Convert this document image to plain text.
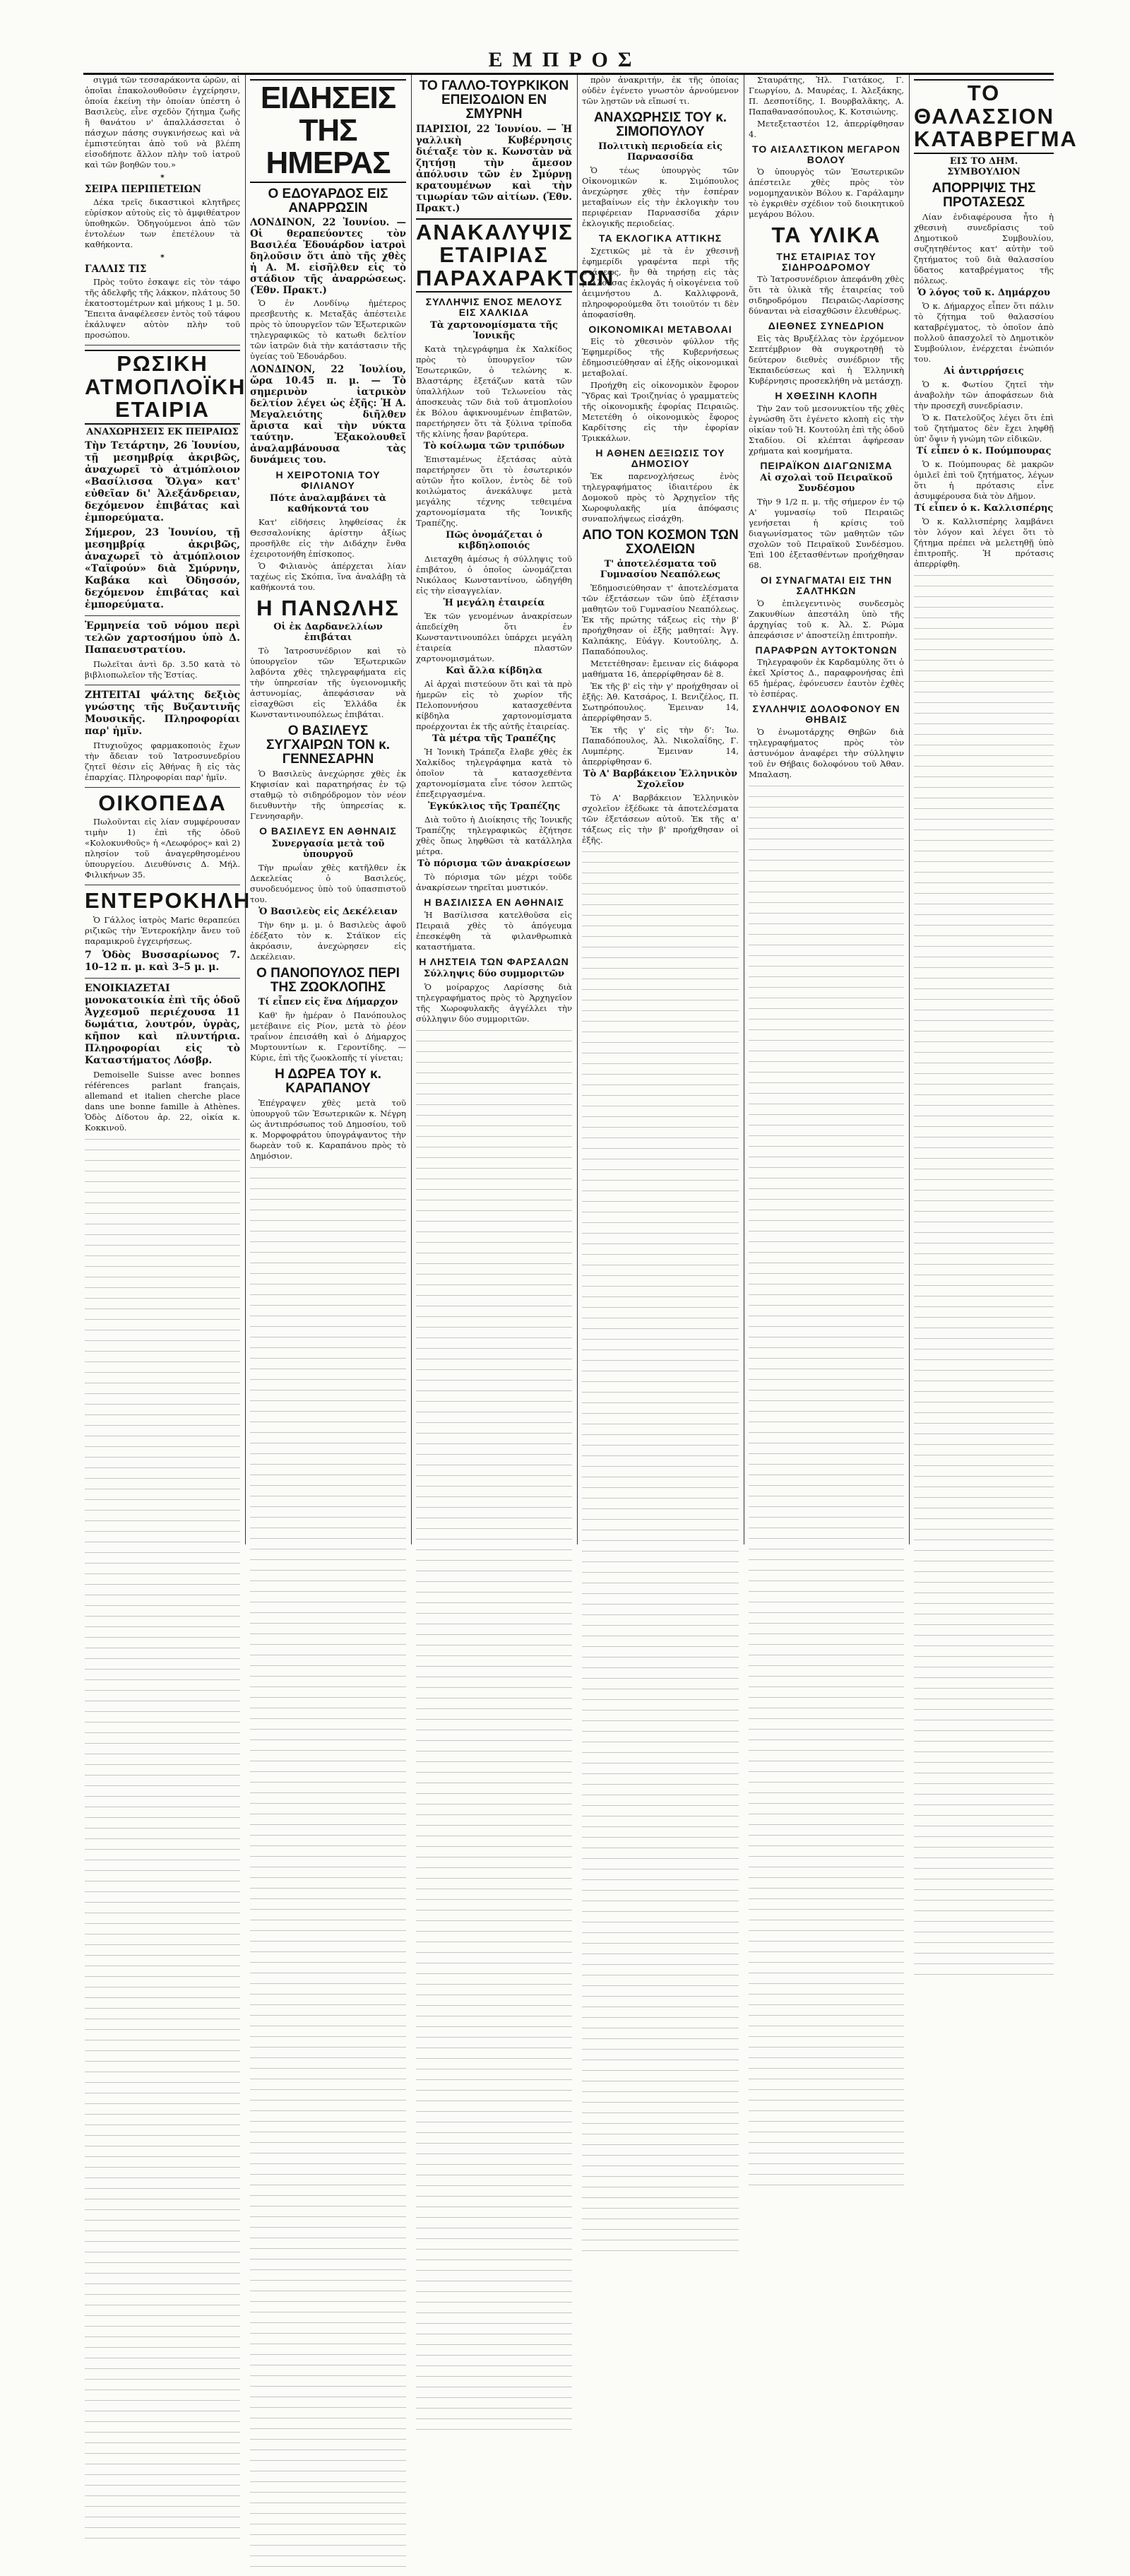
ΕΜΠΡΟΣ
σιγμά τῶν τεσσαράκοντα ὡρῶν, αἱ ὁποῖαι ἐπακολουθοῦσιν ἐγχείρησιν, ὁποία ἐκείνη τὴν ὁποίαν ὑπέστη ὁ Βασιλεὺς, εἶνε σχεδὸν ζήτημα ζωῆς ἢ θανάτου ν' ἀπαλλάσσεται ὁ πάσχων πάσης συγκινήσεως καὶ νὰ ἐμπιστεύηται ἀπὸ τοῦ νὰ βλέπη εἰσοδήποτε ἄλλον πλὴν τοῦ ἰατροῦ καὶ τῶν βοηθῶν του.»
✶
ΣΕΙΡΑ ΠΕΡΙΠΕΤΕΙΩΝ
Δέκα τρεῖς δικαστικοὶ κλητῆρες εὑρίσκον αὐτοὺς εἰς τὸ ἀμφιθέατρον ὑποθηκῶν. Ὁδηγούμενοι ἀπὸ τῶν ἐντολέων των ἐπετέλουν τὰ καθήκοντα.
✶
ΓΑΛΛΙΣ ΤΙΣ
Πρὸς τοῦτο ἐσκαψε εἰς τὸν τάφο τῆς ἀδελφῆς τῆς λάκκον, πλάτους 50 ἑκατοστομέτρων καὶ μήκους 1 μ. 50. Ἔπειτα ἀναφέλεσεν ἐντὸς τοῦ τάφου ἐκάλυψεν αὐτὸν πλὴν τοῦ προσώπου.
ΡΩΣΙΚΗ ΑΤΜΟΠΛΟΪΚΗ ΕΤΑΙΡΙΑ
ΑΝΑΧΩΡΗΣΕΙΣ ΕΚ ΠΕΙΡΑΙΩΣ
Τὴν Τετάρτην, 26 Ἰουνίου, τῇ μεσημβρίᾳ ἀκριβῶς, ἀναχωρεῖ τὸ ἀτμόπλοιον «Βασίλισσα Ὄλγα» κατ' εὐθεῖαν δι' Ἀλεξάνδρειαν, δεχόμενον ἐπιβάτας καὶ ἐμπορεύματα.
Σήμερον, 23 Ἰουνίου, τῇ μεσημβρίᾳ ἀκριβῶς, ἀναχωρεῖ τὸ ἀτμόπλοιον «Ταϊφούν» διὰ Σμύρνην, Καβάκα καὶ Ὀδησσόν, δεχόμενον ἐπιβάτας καὶ ἐμπορεύματα.
Ἑρμηνεία τοῦ νόμου περὶ τελῶν χαρτοσήμου ὑπὸ Δ. Παπαευστρατίου.
Πωλεῖται ἀντὶ δρ. 3.50 κατὰ τὸ βιβλιοπωλεῖον τῆς Ἑστίας.
ΖΗΤΕΙΤΑΙ ψάλτης δεξιὸς γνώστης τῆς Βυζαντινῆς Μουσικῆς. Πληροφορίαι παρ' ἡμῖν.
Πτυχιοῦχος φαρμακοποιὸς ἔχων τὴν ἄδειαν τοῦ Ἰατροσυνεδρίου ζητεῖ θέσιν εἰς Ἀθήνας ἢ εἰς τὰς ἐπαρχίας. Πληροφορίαι παρ' ἡμῖν.
ΟΙΚΟΠΕΔΑ
Πωλοῦνται εἰς λίαν συμφέρουσαν τιμὴν 1) ἐπὶ τῆς ὁδοῦ «Κολοκυνθοῦς» ἡ «Λεωφόρος» καὶ 2) πλησίον τοῦ ἀναγερθησομένου ὑπουργείου. Διευθύνσις Δ. Μήλ. Φιλικήνων 35.
ΕΝΤΕΡΟΚΗΛΗ
Ὁ Γάλλος ἰατρὸς Maric θεραπεύει ριζικῶς τὴν Ἐντεροκήλην ἄνευ τοῦ παραμικροῦ ἐγχειρήσεως.
7 Ὁδὸς Βυσσαρίωνος 7. 10–12 π. μ. καὶ 3–5 μ. μ.
ΕΝΟΙΚΙΑΖΕΤΑΙ μονοκατοικία ἐπὶ τῆς ὁδοῦ Ἀγχεσμοῦ περιέχουσα 11 δωμάτια, λουτρόν, ὑγρὰς, κῆπον καὶ πλυντήρια. Πληροφορίαι εἰς τὸ Καταστήματος Λόσβρ.
Demoiselle Suisse avec bonnes références parlant français, allemand et italien cherche place dans une bonne famille à Athènes. Ὁδὸς Δίδοτου ἀρ. 22, οἰκία κ. Κοκκινοῦ.
ΕΙΔΗΣΕΙΣ ΤΗΣ ΗΜΕΡΑΣ
Ο ΕΔΟΥΑΡΔΟΣ ΕΙΣ ΑΝΑΡΡΩΣΙΝ
ΛΟΝΔΙΝΟΝ, 22 Ἰουνίου. — Οἱ θεραπεύοντες τὸν Βασιλέα Ἐδουάρδον ἰατροὶ δηλοῦσιν ὅτι ἀπὸ τῆς χθὲς ἡ Α. Μ. εἰσῆλθεν εἰς τὸ στάδιον τῆς ἀναρρώσεως. (Ἐθν. Πρακτ.)
Ὁ ἐν Λονδίνῳ ἡμέτερος πρεσβευτὴς κ. Μεταξᾶς ἀπέστειλε πρὸς τὸ ὑπουργεῖον τῶν Ἐξωτερικῶν τηλεγραφικῶς τὸ κατωθι δελτίον τῶν ἰατρῶν διὰ τὴν κατάστασιν τῆς ὑγείας τοῦ Ἐδουάρδου.
ΛΟΝΔΙΝΟΝ, 22 Ἰουλίου, ὥρα 10.45 π. μ. — Τὸ σημερινὸν ἰατρικὸν δελτίον λέγει ὡς ἑξῆς: Ἡ Α. Μεγαλειότης διῆλθεν ἄριστα καὶ τὴν νύκτα ταύτην. Ἐξακολουθεῖ ἀναλαμβάνουσα τὰς δυνάμεις του.
Η ΧΕΙΡΟΤΟΝΙΑ ΤΟΥ ΦΙΛΙΑΝΟΥ
Πότε ἀναλαμβάνει τὰ καθήκοντά του
Κατ' εἰδήσεις ληφθείσας ἐκ Θεσσαλονίκης ἀρίστην ἀξίως προσῆλθε εἰς τὴν Διδάχην ἔνθα ἐχειροτονήθη ἐπίσκοπος.
Ὁ Φιλιανὸς ἀπέρχεται λίαν ταχέως εἰς Σκόπια, ἵνα ἀναλάβῃ τὰ καθήκοντά του.
Η ΠΑΝΩΛΗΣ
Οἱ ἐκ Δαρδανελλίων ἐπιβάται
Τὸ Ἰατροσυνέδριον καὶ τὸ ὑπουργεῖον τῶν Ἐξωτερικῶν λαβόντα χθὲς τηλεγραφήματα εἰς τὴν ὑπηρεσίαν τῆς ὑγειονομικῆς ἀστυνομίας, ἀπεφάσισαν νὰ εἰσαχθῶσι εἰς Ἑλλάδα ἐκ Κωνσταντινουπόλεως ἐπιβάται.
Ο ΒΑΣΙΛΕΥΣ ΣΥΓΧΑΙΡΩΝ ΤΟΝ κ. ΓΕΝΝΕΣΑΡΗΝ
Ὁ Βασιλεὺς ἀνεχώρησε χθὲς ἐκ Κηφισίαν καὶ παρατηρήσας ἐν τῷ σταθμῷ τὸ σιδηρόδρομον τὸν νέον διευθυντὴν τῆς ὑπηρεσίας κ. Γεννησαρῆν.
Ο ΒΑΣΙΛΕΥΣ ΕΝ ΑΘΗΝΑΙΣ
Συνεργασία μετὰ τοῦ ὑπουργοῦ
Τὴν πρωΐαν χθὲς κατῆλθεν ἐκ Δεκελείας ὁ Βασιλεύς, συνοδευόμενος ὑπὸ τοῦ ὑπασπιστοῦ του.
Ὁ Βασιλεὺς εἰς Δεκέλειαν
Τὴν 6ην μ. μ. ὁ Βασιλεὺς ἀφοῦ ἐδέξατο τὸν κ. Στάϊκον εἰς ἀκρόασιν, ἀνεχώρησεν εἰς Δεκέλειαν.
Ο ΠΑΝΟΠΟΥΛΟΣ ΠΕΡΙ ΤΗΣ ΖΩΟΚΛΟΠΗΣ
Τί εἶπεν εἰς ἕνα Δήμαρχον
Καθ' ἣν ἡμέραν ὁ Πανόπουλος μετέβαινε εἰς Ρίον, μετὰ τὸ ῥέον τραΐνον ἐπεισάθη καὶ ὁ Δήμαρχος Μυρτουντίων κ. Γεροντίδης. — Κύριε, ἐπὶ τῆς ζωοκλοπῆς τί γίνεται;
Η ΔΩΡΕΑ ΤΟΥ κ. ΚΑΡΑΠΑΝΟΥ
Ἐπέγραψεν χθὲς μετὰ τοῦ ὑπουργοῦ τῶν Ἐσωτερικῶν κ. Νέγρη ὡς ἀντιπρόσωπος τοῦ Δημοσίου, τοῦ κ. Μορφοφράτου ὑπογράψαντος τὴν δωρεὰν τοῦ κ. Καραπάνου πρὸς τὸ Δημόσιον.
ΤΟ ΓΑΛΛΟ-ΤΟΥΡΚΙΚΟΝ ΕΠΕΙΣΟΔΙΟΝ ΕΝ ΣΜΥΡΝΗ
ΠΑΡΙΣΙΟΙ, 22 Ἰουνίου. — Ἡ γαλλικὴ Κυβέρνησις διέταξε τὸν κ. Κωνστὰν νὰ ζητήσῃ τὴν ἄμεσον ἀπόλυσιν τῶν ἐν Σμύρνῃ κρατουμένων καὶ τὴν τιμωρίαν τῶν αἰτίων. (Ἐθν. Πρακτ.)
ΑΝΑΚΑΛΥΨΙΣ ΕΤΑΙΡΙΑΣ ΠΑΡΑΧΑΡΑΚΤΩΝ
ΣΥΛΛΗΨΙΣ ΕΝΟΣ ΜΕΛΟΥΣ ΕΙΣ ΧΑΛΚΙΔΑ
Τὰ χαρτονομίσματα τῆς Ἰονικῆς
Κατὰ τηλεγράφημα ἐκ Χαλκίδος πρὸς τὸ ὑπουργεῖον τῶν Ἐσωτερικῶν, ὁ τελώνης κ. Βλαστάρης ἐξετάζων κατὰ τῶν ὑπαλλήλων τοῦ Τελωνείου τὰς ἀποσκευὰς τῶν διὰ τοῦ ἀτμοπλοίου ἐκ Βόλου ἀφικνουμένων ἐπιβατῶν, παρετήρησεν ὅτι τὰ ξύλινα τρίποδα τῆς κλίνης ἦσαν βαρύτερα.
Τὸ κοίλωμα τῶν τριπόδων
Ἐπισταμένως ἐξετάσας αὐτὰ παρετήρησεν ὅτι τὸ ἐσωτερικόν αὐτῶν ἦτο κοῖλον, ἐντὸς δὲ τοῦ κοιλώματος ἀνεκάλυψε μετὰ μεγάλης τέχνης τεθειμένα χαρτονομίσματα τῆς Ἰονικῆς Τραπέζης.
Πῶς ὀνομάζεται ὁ κιβδηλοποιός
Διεταχθη ἀμέσως ἡ σύλληψις τοῦ ἐπιβάτου, ὁ ὁποῖος ὠνομάζεται Νικόλαος Κωνσταντίνου, ὡδηγήθη εἰς τὴν εἰσαγγελίαν.
Ἡ μεγάλη ἑταιρεία
Ἐκ τῶν γενομένων ἀνακρίσεων ἀπεδείχθη ὅτι ἐν Κωνσταντινουπόλει ὑπάρχει μεγάλη ἑταιρεία πλαστῶν χαρτονομισμάτων.
Καὶ ἄλλα κίβδηλα
Αἱ ἀρχαὶ πιστεύουν ὅτι καὶ τὰ πρὸ ἡμερῶν εἰς τὸ χωρίον τῆς Πελοποννήσου κατασχεθέντα κίβδηλα χαρτονομίσματα προέρχονται ἐκ τῆς αὐτῆς ἑταιρείας.
Τὰ μέτρα τῆς Τραπέζης
Ἡ Ἰονικὴ Τράπεζα ἔλαβε χθὲς ἐκ Χαλκίδος τηλεγράφημα κατὰ τὸ ὁποῖον τὰ κατασχεθέντα χαρτονομίσματα εἶνε τόσον λεπτῶς ἐπεξειργασμένα.
Ἐγκύκλιος τῆς Τραπέζης
Διὰ τοῦτο ἡ Διοίκησις τῆς Ἰονικῆς Τραπέζης τηλεγραφικῶς ἐζήτησε χθὲς ὅπως ληφθῶσι τὰ κατάλληλα μέτρα.
Τὸ πόρισμα τῶν ἀνακρίσεων
Τὸ πόρισμα τῶν μέχρι τοῦδε ἀνακρίσεων τηρεῖται μυστικόν.
Η ΒΑΣΙΛΙΣΣΑ ΕΝ ΑΘΗΝΑΙΣ
Ἡ Βασίλισσα κατελθοῦσα εἰς Πειραιᾶ χθὲς τὸ ἀπόγευμα ἐπεσκέφθη τὰ φιλανθρωπικὰ καταστήματα.
Η ΛΗΣΤΕΙΑ ΤΩΝ ΦΑΡΣΑΛΩΝ
Σύλληψις δύο συμμοριτῶν
Ὁ μοίραρχος Λαρίσσης διὰ τηλεγραφήματος πρὸς τὸ Ἀρχηγεῖον τῆς Χωροφυλακῆς ἀγγέλλει τὴν σύλληψιν δύο συμμοριτῶν.
πρὸν ἀνακριτήν, ἐκ τῆς ὁποίας οὐδὲν ἐγένετο γνωστὸν ἀρνούμενον τῶν λῃστῶν νὰ εἴπωσί τι.
ΑΝΑΧΩΡΗΣΙΣ ΤΟΥ κ. ΣΙΜΟΠΟΥΛΟΥ
Πολιτικὴ περιοδεία εἰς Παρνασσίδα
Ὁ τέως ὑπουργὸς τῶν Οἰκονομικῶν κ. Σιμόπουλος ἀνεχώρησε χθὲς τὴν ἑσπέραν μεταβαίνων εἰς τὴν ἐκλογικὴν του περιφέρειαν Παρνασσίδα χάριν ἐκλογικῆς περιοδείας.
ΤΑ ΕΚΛΟΓΙΚΑ ΑΤΤΙΚΗΣ
Σχετικῶς μὲ τὰ ἐν χθεσινῇ ἐφημερίδι γραφέντα περὶ τῆς στάσεως, ἣν θὰ τηρήσῃ εἰς τὰς μελλούσας ἐκλογάς ἡ οἰκογένεια τοῦ ἀειμνήστου Δ. Καλλιφρονᾶ, πληροφορούμεθα ὅτι τοιοῦτόν τι δὲν ἀποφασίσθη.
ΟΙΚΟΝΟΜΙΚΑΙ ΜΕΤΑΒΟΛΑΙ
Εἰς τὸ χθεσινὸν φύλλον τῆς Ἐφημερίδος τῆς Κυβερνήσεως ἐδημοσιεύθησαν αἱ ἑξῆς οἰκονομικαὶ μεταβολαί.
Προήχθη εἰς οἰκονομικὸν ἔφορον Ὕδρας καὶ Τροιζηνίας ὁ γραμματεὺς τῆς οἰκονομικῆς ἐφορίας Πειραιῶς. Μετετέθη ὁ οἰκονομικὸς ἔφορος Καρδίτσης εἰς τὴν ἐφορίαν Τρικκάλων.
Η ΑΘΗΕΝ ΔΕΞΙΩΣΙΣ ΤΟΥ ΔΗΜΟΣΙΟΥ
Ἐκ παρενοχλήσεως ἑνὸς τηλεγραφήματος ἰδιαιτέρου ἐκ Δομοκοῦ πρὸς τὸ Ἀρχηγεῖον τῆς Χωροφυλακῆς μία ἀπόφασις συναπολήψεως εἰσάχθη.
ΑΠΟ ΤΟΝ ΚΟΣΜΟΝ ΤΩΝ ΣΧΟΛΕΙΩΝ
Τ' ἀποτελέσματα τοῦ Γυμνασίου Νεαπόλεως
Ἐδημοσιεύθησαν τ' ἀποτελέσματα τῶν ἐξετάσεων τῶν ὑπὸ ἐξέτασιν μαθητῶν τοῦ Γυμνασίου Νεαπόλεως. Ἐκ τῆς πρώτης τάξεως εἰς τὴν β' προήχθησαν οἱ ἑξῆς μαθηταί: Ἀγγ. Καλπάκης, Εὐάγγ. Κουτούλης, Δ. Παπαδόπουλος.
Μετετέθησαν: ἔμειναν εἰς διάφορα μαθήματα 16, ἀπερρίφθησαν δὲ 8.
Ἐκ τῆς β' εἰς τὴν γ' προήχθησαν οἱ ἑξῆς: Ἀθ. Κατσάρος, Ι. Βενιζέλος, Π. Σωτηρόπουλος. Ἐμειναν 14, ἀπερρίφθησαν 5.
Ἐκ τῆς γ' εἰς τὴν δ': Ἰω. Παπαδόπουλος, Ἀλ. Νικολαΐδης, Γ. Λυμπέρης. Ἐμειναν 14, ἀπερρίφθησαν 6.
Τὸ Α' Βαρβάκειον Ἑλληνικὸν Σχολεῖον
Τὸ Α' Βαρβάκειον Ἑλληνικὸν σχολεῖον ἐξέδωκε τὰ ἀποτελέσματα τῶν ἐξετάσεων αὐτοῦ. Ἐκ τῆς α' τάξεως εἰς τὴν β' προήχθησαν οἱ ἑξῆς.
Σταυράτης, Ἠλ. Γιατάκος, Γ. Γεωργίου, Δ. Μαυρέας, Ι. Ἀλεξάκης, Π. Δεσποτίδης, Ι. Βουρβαλᾶκης, Α. Παπαθανασόπουλος, Κ. Κοτσιώνης.
Μετεξεταστέοι 12, ἀπερρίφθησαν 4.
ΤΟ ΑΙΣΑΛΣΤΙΚΟΝ ΜΕΓΑΡΟΝ ΒΟΛΟΥ
Ὁ ὑπουργὸς τῶν Ἐσωτερικῶν ἀπέστειλε χθὲς πρὸς τὸν νομομηχανικὸν Βόλου κ. Γαράλαμην τὸ ἐγκριθὲν σχέδιον τοῦ διοικητικοῦ μεγάρου Βόλου.
ΤΑ ΥΛΙΚΑ
ΤΗΣ ΕΤΑΙΡΙΑΣ ΤΟΥ ΣΙΔΗΡΟΔΡΟΜΟΥ
Τὸ Ἰατροσυνέδριον ἀπεφάνθη χθὲς ὅτι τὰ ὑλικὰ τῆς ἑταιρείας τοῦ σιδηροδρόμου Πειραιῶς-Λαρίσσης δύνανται νὰ εἰσαχθῶσιν ἐλευθέρως.
ΔΙΕΘΝΕΣ ΣΥΝΕΔΡΙΟΝ
Εἰς τὰς Βρυξέλλας τὸν ἐρχόμενον Σεπτέμβριον θὰ συγκροτηθῇ τὸ δεύτερον διεθνὲς συνέδριον τῆς Ἐκπαιδεύσεως καὶ ἡ Ἑλληνικὴ Κυβέρνησις προσεκλήθη νὰ μετάσχῃ.
Η ΧΘΕΣΙΝΗ ΚΛΟΠΗ
Τὴν 2αν τοῦ μεσονυκτίου τῆς χθὲς ἐγνώσθη ὅτι ἐγένετο κλοπὴ εἰς τὴν οἰκίαν τοῦ Ἡ. Κουτούλη ἐπὶ τῆς ὁδοῦ Σταδίου. Οἱ κλέπται ἀφήρεσαν χρήματα καὶ κοσμήματα.
ΠΕΙΡΑΪΚΟΝ ΔΙΑΓΩΝΙΣΜΑ
Αἱ σχολαὶ τοῦ Πειραϊκοῦ Συνδέσμου
Τὴν 9 1/2 π. μ. τῆς σήμερον ἐν τῷ Α' γυμνασίῳ τοῦ Πειραιῶς γενήσεται ἡ κρίσις τοῦ διαγωνίσματος τῶν μαθητῶν τῶν σχολῶν τοῦ Πειραϊκοῦ Συνδέσμου. Ἐπὶ 100 ἐξετασθέντων προήχθησαν 68.
ΟΙ ΣΥΝΑΓΜΑΤΑΙ ΕΙΣ ΤΗΝ ΣΑΛΤΗΚΩΝ
Ὁ ἐπιλεγεντινὸς συνδεσμὸς Ζακυνθίων ἀπεστάλη ὑπὸ τῆς ἀρχηγίας τοῦ κ. Ἀλ. Σ. Ρώμα ἀπεφάσισε ν' ἀποστείλῃ ἐπιτροπὴν.
ΠΑΡΑΦΡΩΝ ΑΥΤΟΚΤΟΝΩΝ
Τηλεγραφοῦν ἐκ Καρδαμύλης ὅτι ὁ ἐκεῖ Χρίστος Δ., παραφρονήσας ἐπὶ 65 ἡμέρας, ἐφόνευσεν ἑαυτὸν ἐχθὲς τὸ ἑσπέρας.
ΣΥΛΛΗΨΙΣ ΔΟΛΟΦΟΝΟΥ ΕΝ ΘΗΒΑΙΣ
Ὁ ἐνωμοτάρχης Θηβῶν διὰ τηλεγραφήματος πρὸς τὸν ἀστυνόμον ἀναφέρει τὴν σύλληψιν τοῦ ἐν Θήβαις δολοφόνου τοῦ Ἀθαν. Μπαλαση.
ΤΟ ΘΑΛΑΣΣΙΟΝ ΚΑΤΑΒΡΕΓΜΑ
ΕΙΣ ΤΟ ΔΗΜ. ΣΥΜΒΟΥΛΙΟΝ
ΑΠΟΡΡΙΨΙΣ ΤΗΣ ΠΡΟΤΑΣΕΩΣ
Λίαν ἐνδιαφέρουσα ἦτο ἡ χθεσινὴ συνεδρίασις τοῦ Δημοτικοῦ Συμβουλίου, συζητηθέντος κατ' αὐτὴν τοῦ ζητήματος τοῦ διὰ θαλασσίου ὕδατος καταβρέγματος τῆς πόλεως.
Ὁ λόγος τοῦ κ. Δημάρχου
Ὁ κ. Δήμαρχος εἶπεν ὅτι πάλιν τὸ ζήτημα τοῦ θαλασσίου καταβρέγματος, τὸ ὁποῖον ἀπὸ πολλοῦ ἀπασχολεῖ τὸ Δημοτικὸν Συμβούλιον, ἐνέρχεται ἐνώπιόν του.
Αἱ ἀντιρρήσεις
Ὁ κ. Φωτίου ζητεῖ τὴν ἀναβολὴν τῶν ἀποφάσεων διὰ τὴν προσεχῆ συνεδρίασιν.
Ὁ κ. Πατελοῦζος λέγει ὅτι ἐπὶ τοῦ ζητήματος δὲν ἔχει ληφθῇ ὑπ' ὄψιν ἡ γνώμη τῶν εἰδικῶν.
Τί εἶπεν ὁ κ. Πούμπουρας
Ὁ κ. Πούμπουρας δὲ μακρῶν ὁμιλεῖ ἐπὶ τοῦ ζητήματος, λέγων ὅτι ἡ πρότασις εἶνε ἀσυμφέρουσα διὰ τὸν Δῆμον.
Τί εἶπεν ὁ κ. Καλλισπέρης
Ὁ κ. Καλλισπέρης λαμβάνει τὸν λόγον καὶ λέγει ὅτι τὸ ζήτημα πρέπει νὰ μελετηθῇ ὑπὸ ἐπιτροπῆς. Ἡ πρότασις ἀπερρίφθη.
